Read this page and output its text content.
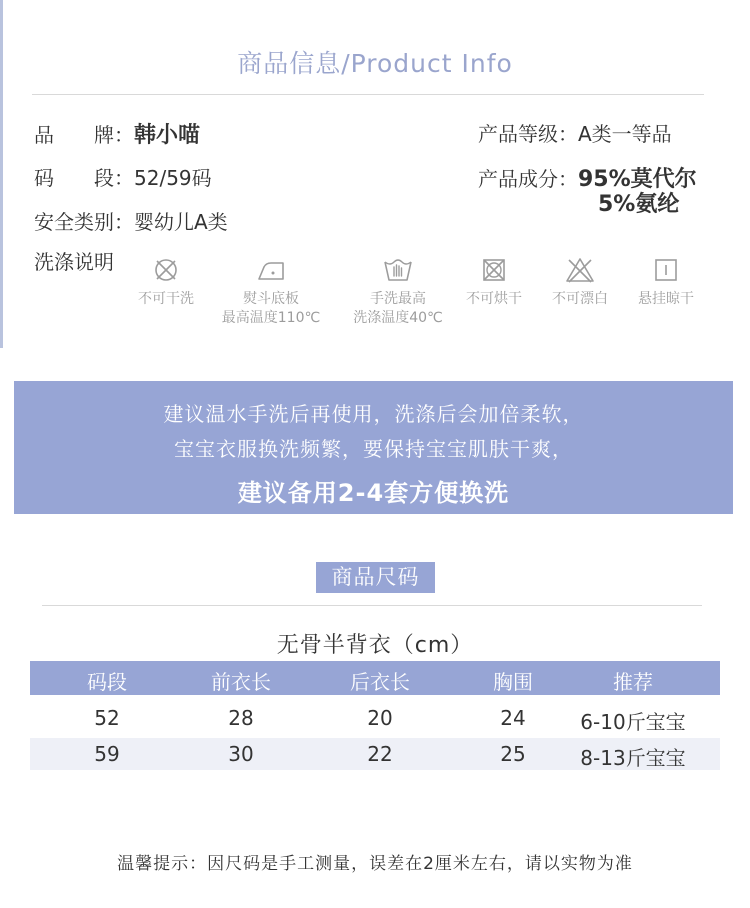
商品信息/Product Info
品　　牌：韩小喵
码　　段：52/59码
安全类别：婴幼儿A类
洗涤说明
产品等级：A类一等品
产品成分：95%莫代尔
5%氨纶
不可干洗	熨斗底板
最高温度110℃
手洗最高
洗涤温度40℃
不可烘干	不可漂白	悬挂晾干
建议温水手洗后再使用，洗涤后会加倍柔软，
宝宝衣服换洗频繁，要保持宝宝肌肤干爽，
建议备用2-4套方便换洗
商品尺码
无骨半背衣（cm）
码段	前衣长	后衣长	胸围	推荐
52	28	20	24	6-10斤宝宝
59	30	22	25	8-13斤宝宝
温馨提示：因尺码是手工测量，误差在2厘米左右，请以实物为准
